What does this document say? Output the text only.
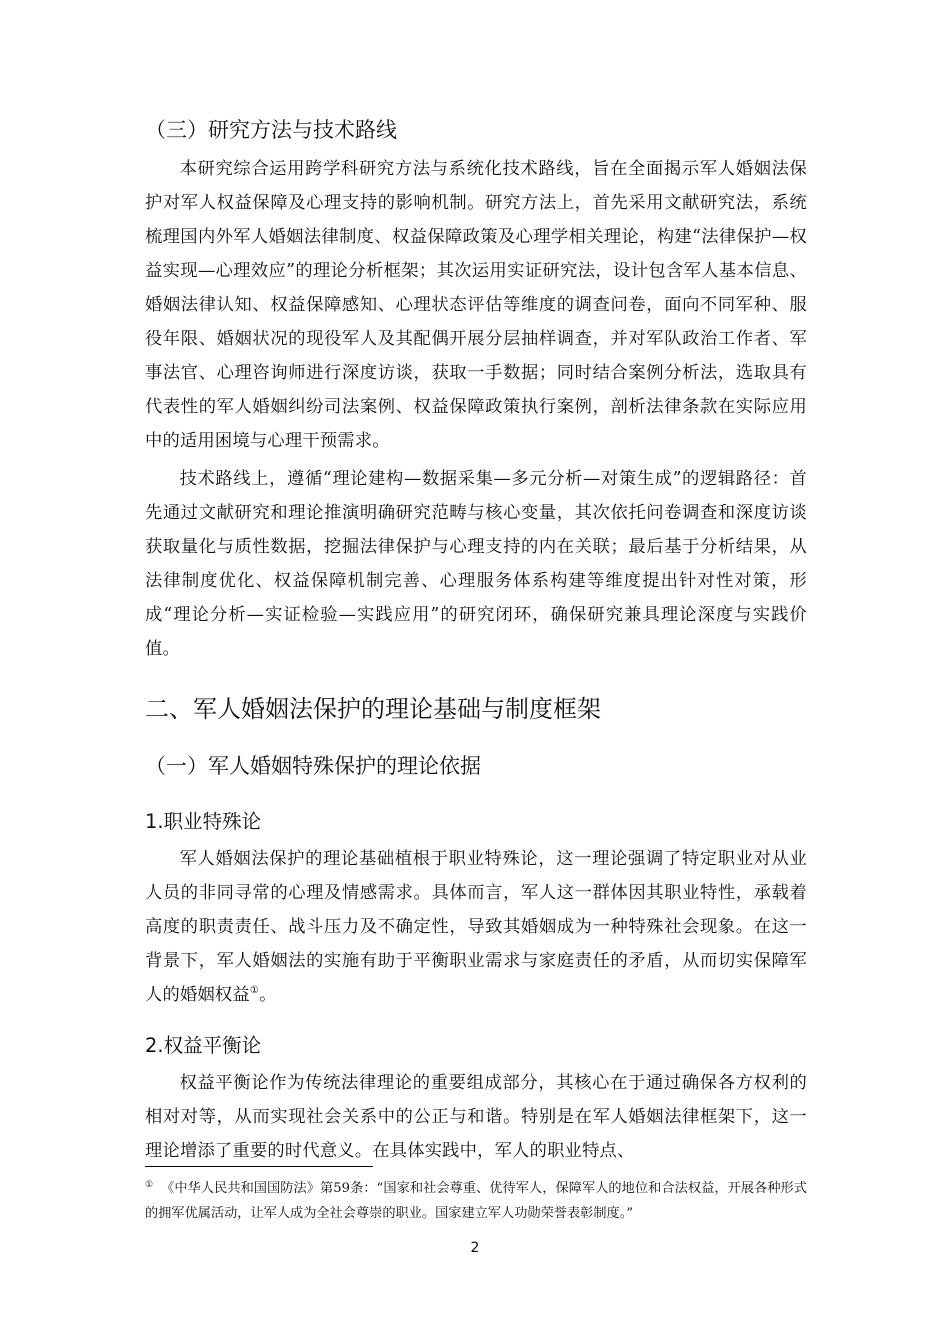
（三）研究方法与技术路线

本研究综合运用跨学科研究方法与系统化技术路线，旨在全面揭示军人婚姻法保护对军人权益保障及心理支持的影响机制。研究方法上，首先采用文献研究法，系统梳理国内外军人婚姻法律制度、权益保障政策及心理学相关理论，构建“法律保护—权益实现—心理效应”的理论分析框架；其次运用实证研究法，设计包含军人基本信息、婚姻法律认知、权益保障感知、心理状态评估等维度的调查问卷，面向不同军种、服役年限、婚姻状况的现役军人及其配偶开展分层抽样调查，并对军队政治工作者、军事法官、心理咨询师进行深度访谈，获取一手数据；同时结合案例分析法，选取具有代表性的军人婚姻纠纷司法案例、权益保障政策执行案例，剖析法律条款在实际应用中的适用困境与心理干预需求。

技术路线上，遵循“理论建构—数据采集—多元分析—对策生成”的逻辑路径：首先通过文献研究和理论推演明确研究范畴与核心变量，其次依托问卷调查和深度访谈获取量化与质性数据，挖掘法律保护与心理支持的内在关联；最后基于分析结果，从法律制度优化、权益保障机制完善、心理服务体系构建等维度提出针对性对策，形成“理论分析—实证检验—实践应用”的研究闭环，确保研究兼具理论深度与实践价值。

二、军人婚姻法保护的理论基础与制度框架
（一）军人婚姻特殊保护的理论依据
1.职业特殊论

军人婚姻法保护的理论基础植根于职业特殊论，这一理论强调了特定职业对从业人员的非同寻常的心理及情感需求。具体而言，军人这一群体因其职业特性，承载着高度的职责责任、战斗压力及不确定性，导致其婚姻成为一种特殊社会现象。在这一背景下，军人婚姻法的实施有助于平衡职业需求与家庭责任的矛盾，从而切实保障军人的婚姻权益①。

2.权益平衡论

权益平衡论作为传统法律理论的重要组成部分，其核心在于通过确保各方权利的相对对等，从而实现社会关系中的公正与和谐。特别是在军人婚姻法律框架下，这一理论增添了重要的时代意义。在具体实践中，军人的职业特点、

① 《中华人民共和国国防法》第59条：“国家和社会尊重、优待军人，保障军人的地位和合法权益，开展各种形式的拥军优属活动，让军人成为全社会尊崇的职业。国家建立军人功勋荣誉表彰制度。”
2
